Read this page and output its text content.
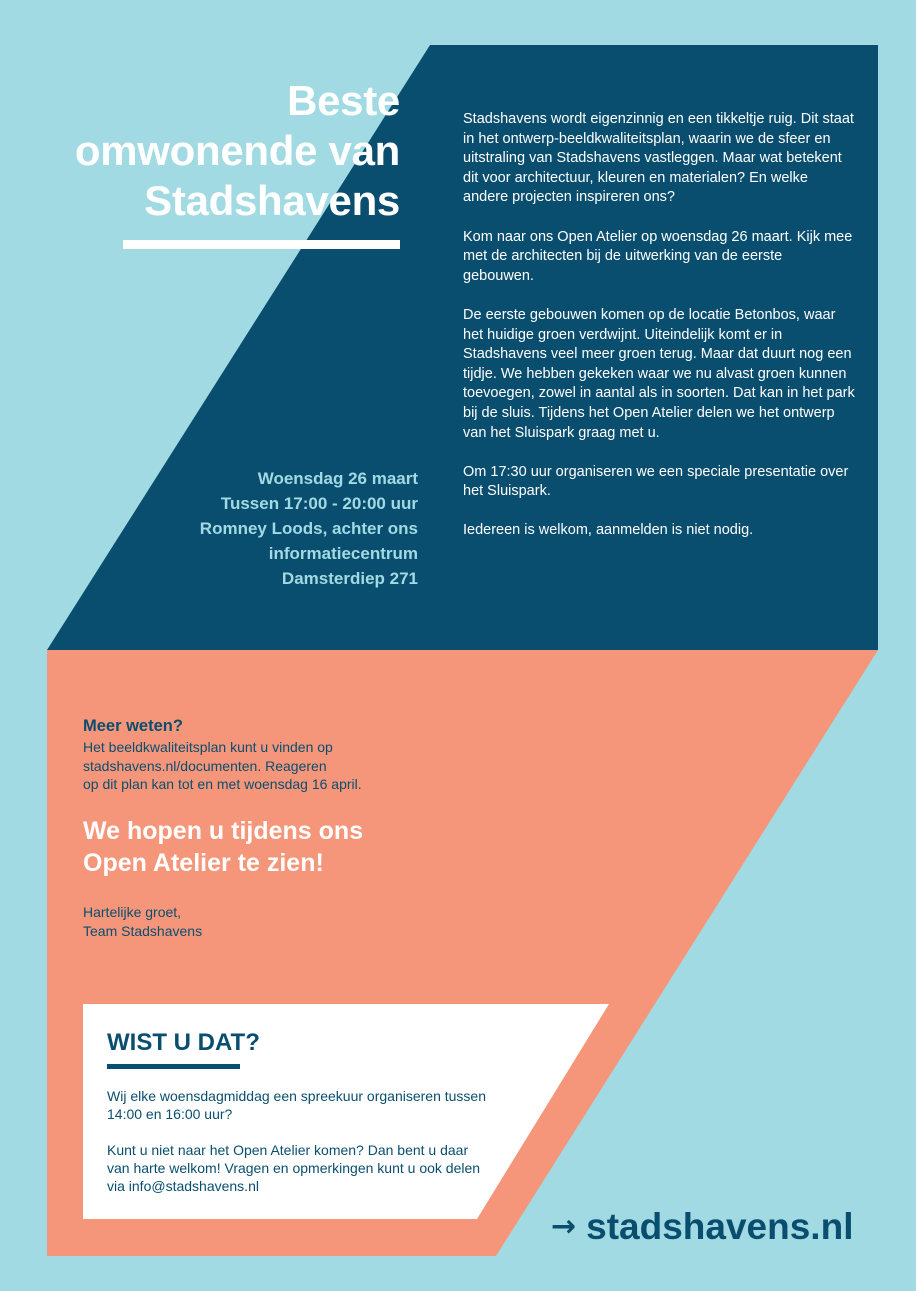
Beste
omwonende van
Stadshavens
Woensdag 26 maart
Tussen 17:00 - 20:00 uur
Romney Loods, achter ons
informatiecentrum
Damsterdiep 271

Stadshavens wordt eigenzinnig en een tikkeltje ruig. Dit staat in het ontwerp-beeldkwaliteitsplan, waarin we de sfeer en uitstraling van Stadshavens vastleggen. Maar wat betekent dit voor architectuur, kleuren en materialen? En welke andere projecten inspireren ons?

Kom naar ons Open Atelier op woensdag 26 maart. Kijk mee met de architecten bij de uitwerking van de eerste gebouwen.

De eerste gebouwen komen op de locatie Betonbos, waar het huidige groen verdwijnt. Uiteindelijk komt er in Stadshavens veel meer groen terug. Maar dat duurt nog een tijdje. We hebben gekeken waar we nu alvast groen kunnen toevoegen, zowel in aantal als in soorten. Dat kan in het park bij de sluis. Tijdens het Open Atelier delen we het ontwerp van het Sluispark graag met u.

Om 17:30 uur organiseren we een speciale presentatie over het Sluispark.

Iedereen is welkom, aanmelden is niet nodig.

Meer weten?
Het beeldkwaliteitsplan kunt u vinden op
stadshavens.nl/documenten. Reageren
op dit plan kan tot en met woensdag 16 april.
We hopen u tijdens ons
Open Atelier te zien!
Hartelijke groet,
Team Stadshavens
WIST U DAT?

Wij elke woensdagmiddag een spreekuur organiseren tussen 14:00 en 16:00 uur?

Kunt u niet naar het Open Atelier komen? Dan bent u daar van harte welkom! Vragen en opmerkingen kunt u ook delen via info@stadshavens.nl

→ stadshavens.nl
